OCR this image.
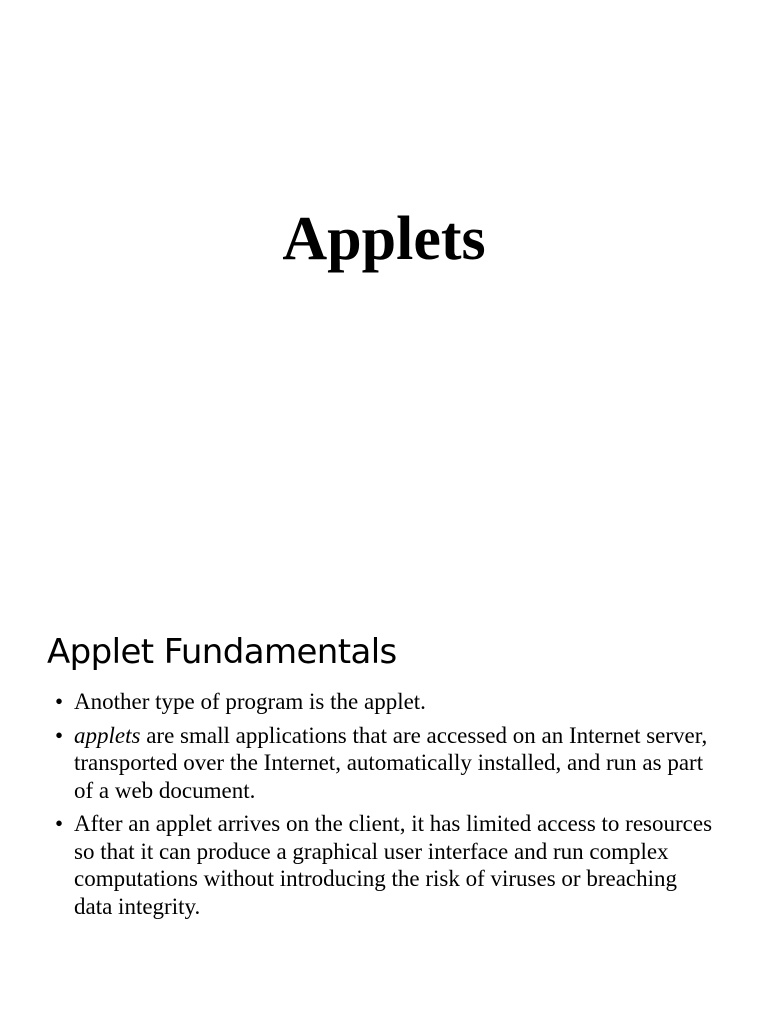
Applets
Applet Fundamentals
• Another type of program is the applet.
• applets are small applications that are accessed on an Internet server, transported over the Internet, automatically installed, and run as part of a web document.
• After an applet arrives on the client, it has limited access to resources so that it can produce a graphical user interface and run complex computations without introducing the risk of viruses or breaching data integrity.
